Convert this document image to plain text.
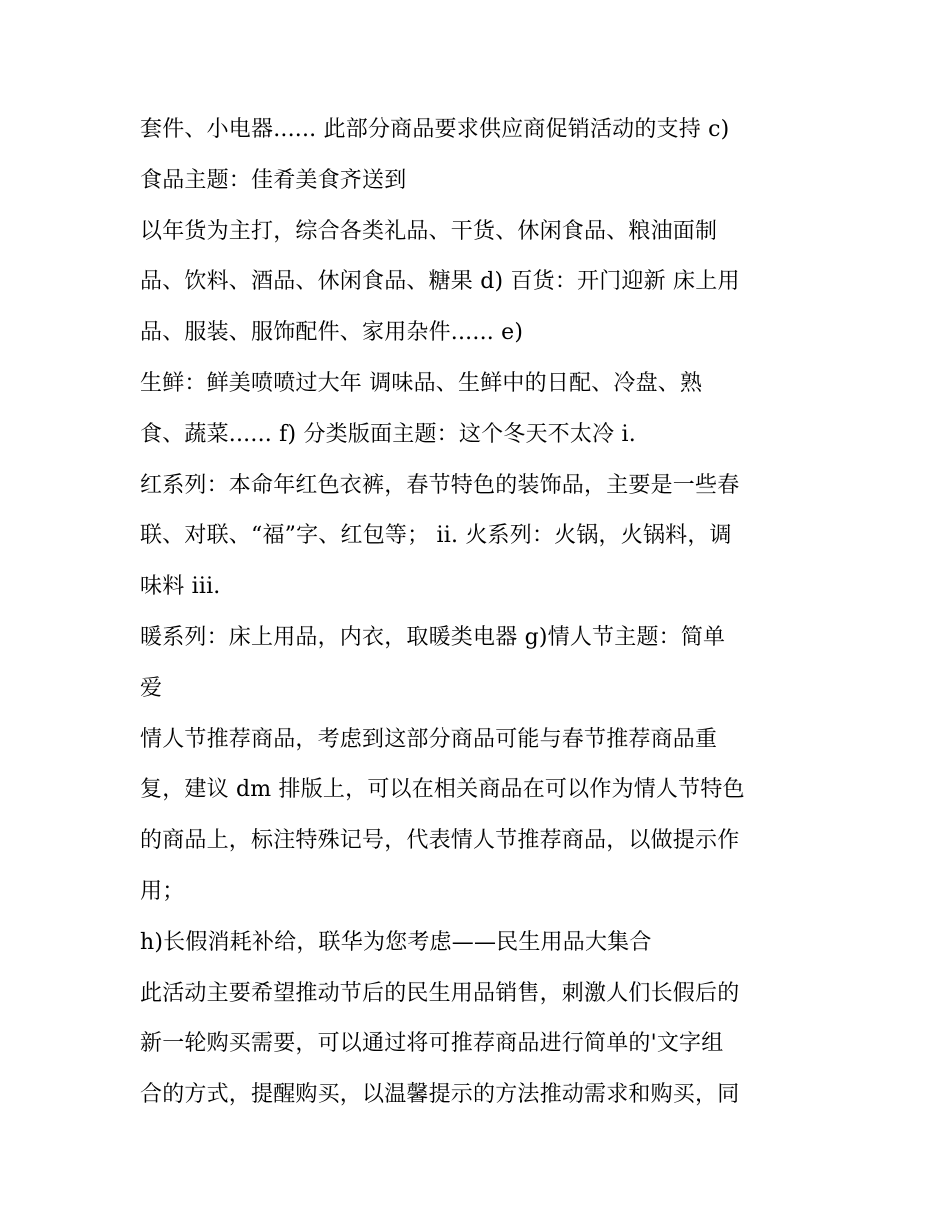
套件、小电器...... 此部分商品要求供应商促销活动的支持 c)
食品主题：佳肴美食齐送到
以年货为主打，综合各类礼品、干货、休闲食品、粮油面制
品、饮料、酒品、休闲食品、糖果 d) 百货：开门迎新 床上用
品、服装、服饰配件、家用杂件...... e)
生鲜：鲜美喷喷过大年 调味品、生鲜中的日配、冷盘、熟
食、蔬菜...... f) 分类版面主题：这个冬天不太冷 i.
红系列：本命年红色衣裤，春节特色的装饰品，主要是一些春
联、对联、“福”字、红包等； ii. 火系列：火锅，火锅料，调
味料 iii.
暖系列：床上用品，内衣，取暖类电器 g)情人节主题：简单
爱
情人节推荐商品，考虑到这部分商品可能与春节推荐商品重
复，建议 dm 排版上，可以在相关商品在可以作为情人节特色
的商品上，标注特殊记号，代表情人节推荐商品，以做提示作
用；
h)长假消耗补给，联华为您考虑——民生用品大集合
此活动主要希望推动节后的民生用品销售，刺激人们长假后的
新一轮购买需要，可以通过将可推荐商品进行简单的'文字组
合的方式，提醒购买，以温馨提示的方法推动需求和购买，同
